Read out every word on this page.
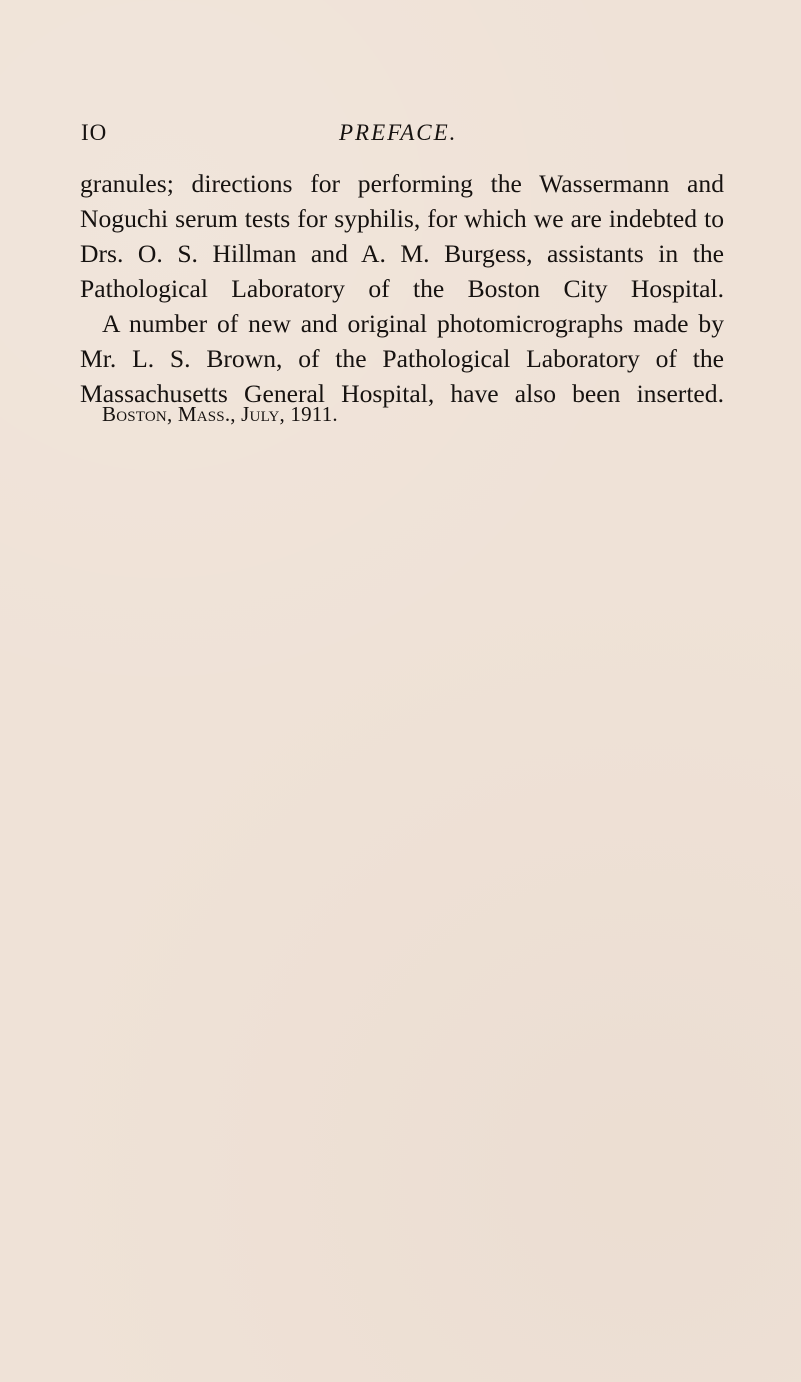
IO	PREFACE.

granules; directions for performing the Wassermann and Noguchi serum tests for syphilis, for which we are indebted to Drs. O. S. Hillman and A. M. Burgess, assistants in the Pathological Laboratory of the Boston City Hospital.

A number of new and original photomicrographs made by Mr. L. S. Brown, of the Pathological Laboratory of the Massachusetts General Hospital, have also been inserted.

Boston, Mass., July, 1911.
